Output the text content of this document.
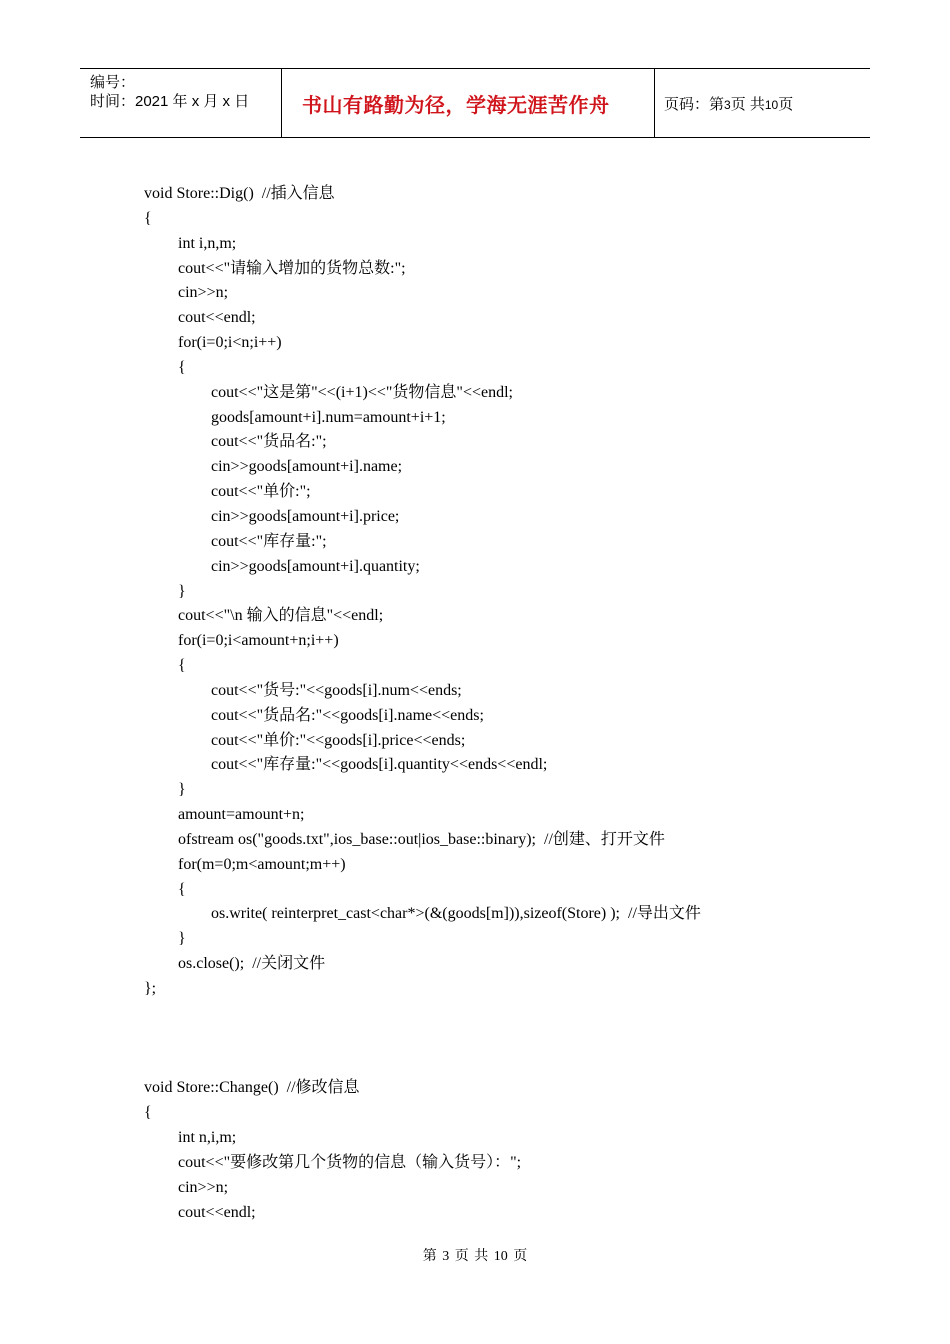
编号：
时间：2021 年 x 月 x 日	书山有路勤为径，学海无涯苦作舟	页码：第3页 共10页
void Store::Dig()  //插入信息
{
int i,n,m;
cout<<"请输入增加的货物总数:";
cin>>n;
cout<<endl;
for(i=0;i<n;i++)
{
cout<<"这是第"<<(i+1)<<"货物信息"<<endl;
goods[amount+i].num=amount+i+1;
cout<<"货品名:";
cin>>goods[amount+i].name;
cout<<"单价:";
cin>>goods[amount+i].price;
cout<<"库存量:";
cin>>goods[amount+i].quantity;
}
cout<<"\n 输入的信息"<<endl;
for(i=0;i<amount+n;i++)
{
cout<<"货号:"<<goods[i].num<<ends;
cout<<"货品名:"<<goods[i].name<<ends;
cout<<"单价:"<<goods[i].price<<ends;
cout<<"库存量:"<<goods[i].quantity<<ends<<endl;
}
amount=amount+n;
ofstream os("goods.txt",ios_base::out|ios_base::binary);  //创建、打开文件
for(m=0;m<amount;m++)
{
os.write( reinterpret_cast<char*>(&(goods[m])),sizeof(Store) );  //导出文件
}
os.close();  //关闭文件
};
void Store::Change()  //修改信息
{
int n,i,m;
cout<<"要修改第几个货物的信息（输入货号）：";
cin>>n;
cout<<endl;
第 3 页 共 10 页
